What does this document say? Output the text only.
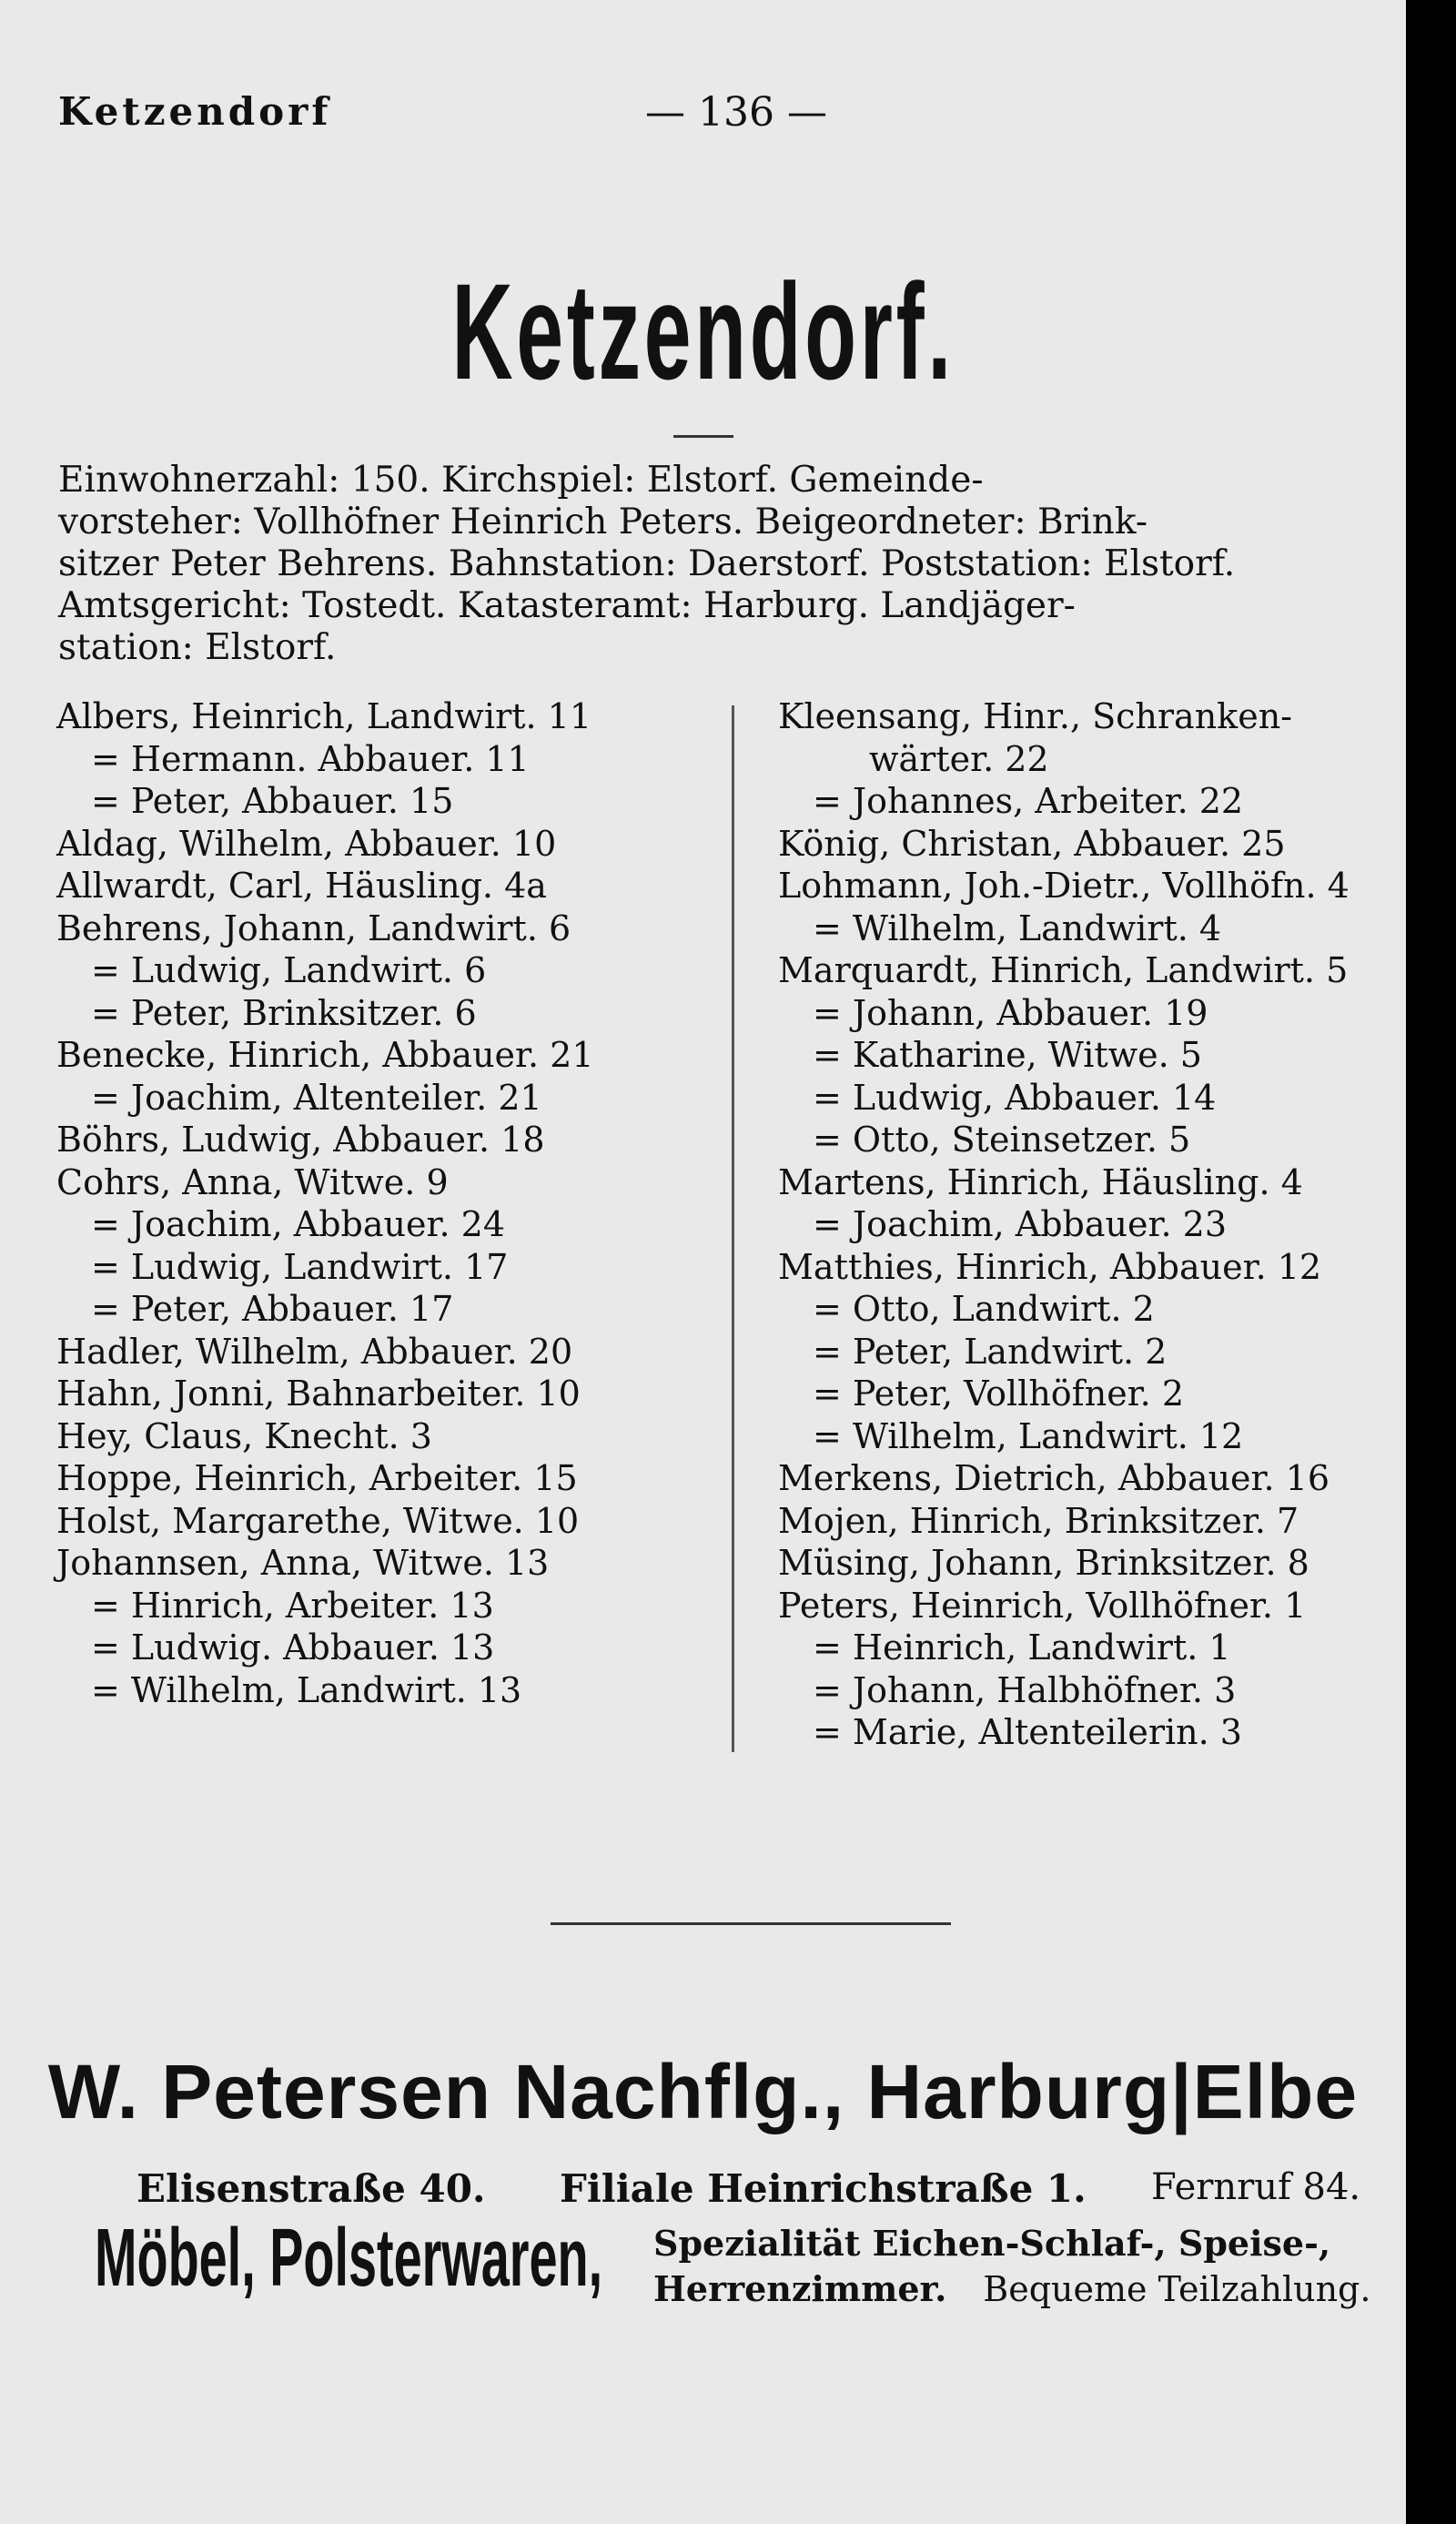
Ketzendorf	— 136 —
Ketzendorf.
Einwohnerzahl: 150. Kirchspiel: Elstorf. Gemeinde-
vorsteher: Vollhöfner Heinrich Peters. Beigeordneter: Brink-
sitzer Peter Behrens. Bahnstation: Daerstorf. Poststation: Elstorf.
Amtsgericht: Tostedt. Katasteramt: Harburg. Landjäger-
station: Elstorf.
Albers, Heinrich, Landwirt. 11
= Hermann. Abbauer. 11
= Peter, Abbauer. 15
Aldag, Wilhelm, Abbauer. 10
Allwardt, Carl, Häusling. 4a
Behrens, Johann, Landwirt. 6
= Ludwig, Landwirt. 6
= Peter, Brinksitzer. 6
Benecke, Hinrich, Abbauer. 21
= Joachim, Altenteiler. 21
Böhrs, Ludwig, Abbauer. 18
Cohrs, Anna, Witwe. 9
= Joachim, Abbauer. 24
= Ludwig, Landwirt. 17
= Peter, Abbauer. 17
Hadler, Wilhelm, Abbauer. 20
Hahn, Jonni, Bahnarbeiter. 10
Hey, Claus, Knecht. 3
Hoppe, Heinrich, Arbeiter. 15
Holst, Margarethe, Witwe. 10
Johannsen, Anna, Witwe. 13
= Hinrich, Arbeiter. 13
= Ludwig. Abbauer. 13
= Wilhelm, Landwirt. 13
Kleensang, Hinr., Schranken-
wärter. 22
= Johannes, Arbeiter. 22
König, Christan, Abbauer. 25
Lohmann, Joh.-Dietr., Vollhöfn. 4
= Wilhelm, Landwirt. 4
Marquardt, Hinrich, Landwirt. 5
= Johann, Abbauer. 19
= Katharine, Witwe. 5
= Ludwig, Abbauer. 14
= Otto, Steinsetzer. 5
Martens, Hinrich, Häusling. 4
= Joachim, Abbauer. 23
Matthies, Hinrich, Abbauer. 12
= Otto, Landwirt. 2
= Peter, Landwirt. 2
= Peter, Vollhöfner. 2
= Wilhelm, Landwirt. 12
Merkens, Dietrich, Abbauer. 16
Mojen, Hinrich, Brinksitzer. 7
Müsing, Johann, Brinksitzer. 8
Peters, Heinrich, Vollhöfner. 1
= Heinrich, Landwirt. 1
= Johann, Halbhöfner. 3
= Marie, Altenteilerin. 3
W. Petersen Nachflg., Harburg|Elbe
Elisenstraße 40. Filiale Heinrichstraße 1. Fernruf 84.
Möbel, Polsterwaren, Spezialität Eichen-Schlaf-, Speise-,
Herrenzimmer. Bequeme Teilzahlung.
